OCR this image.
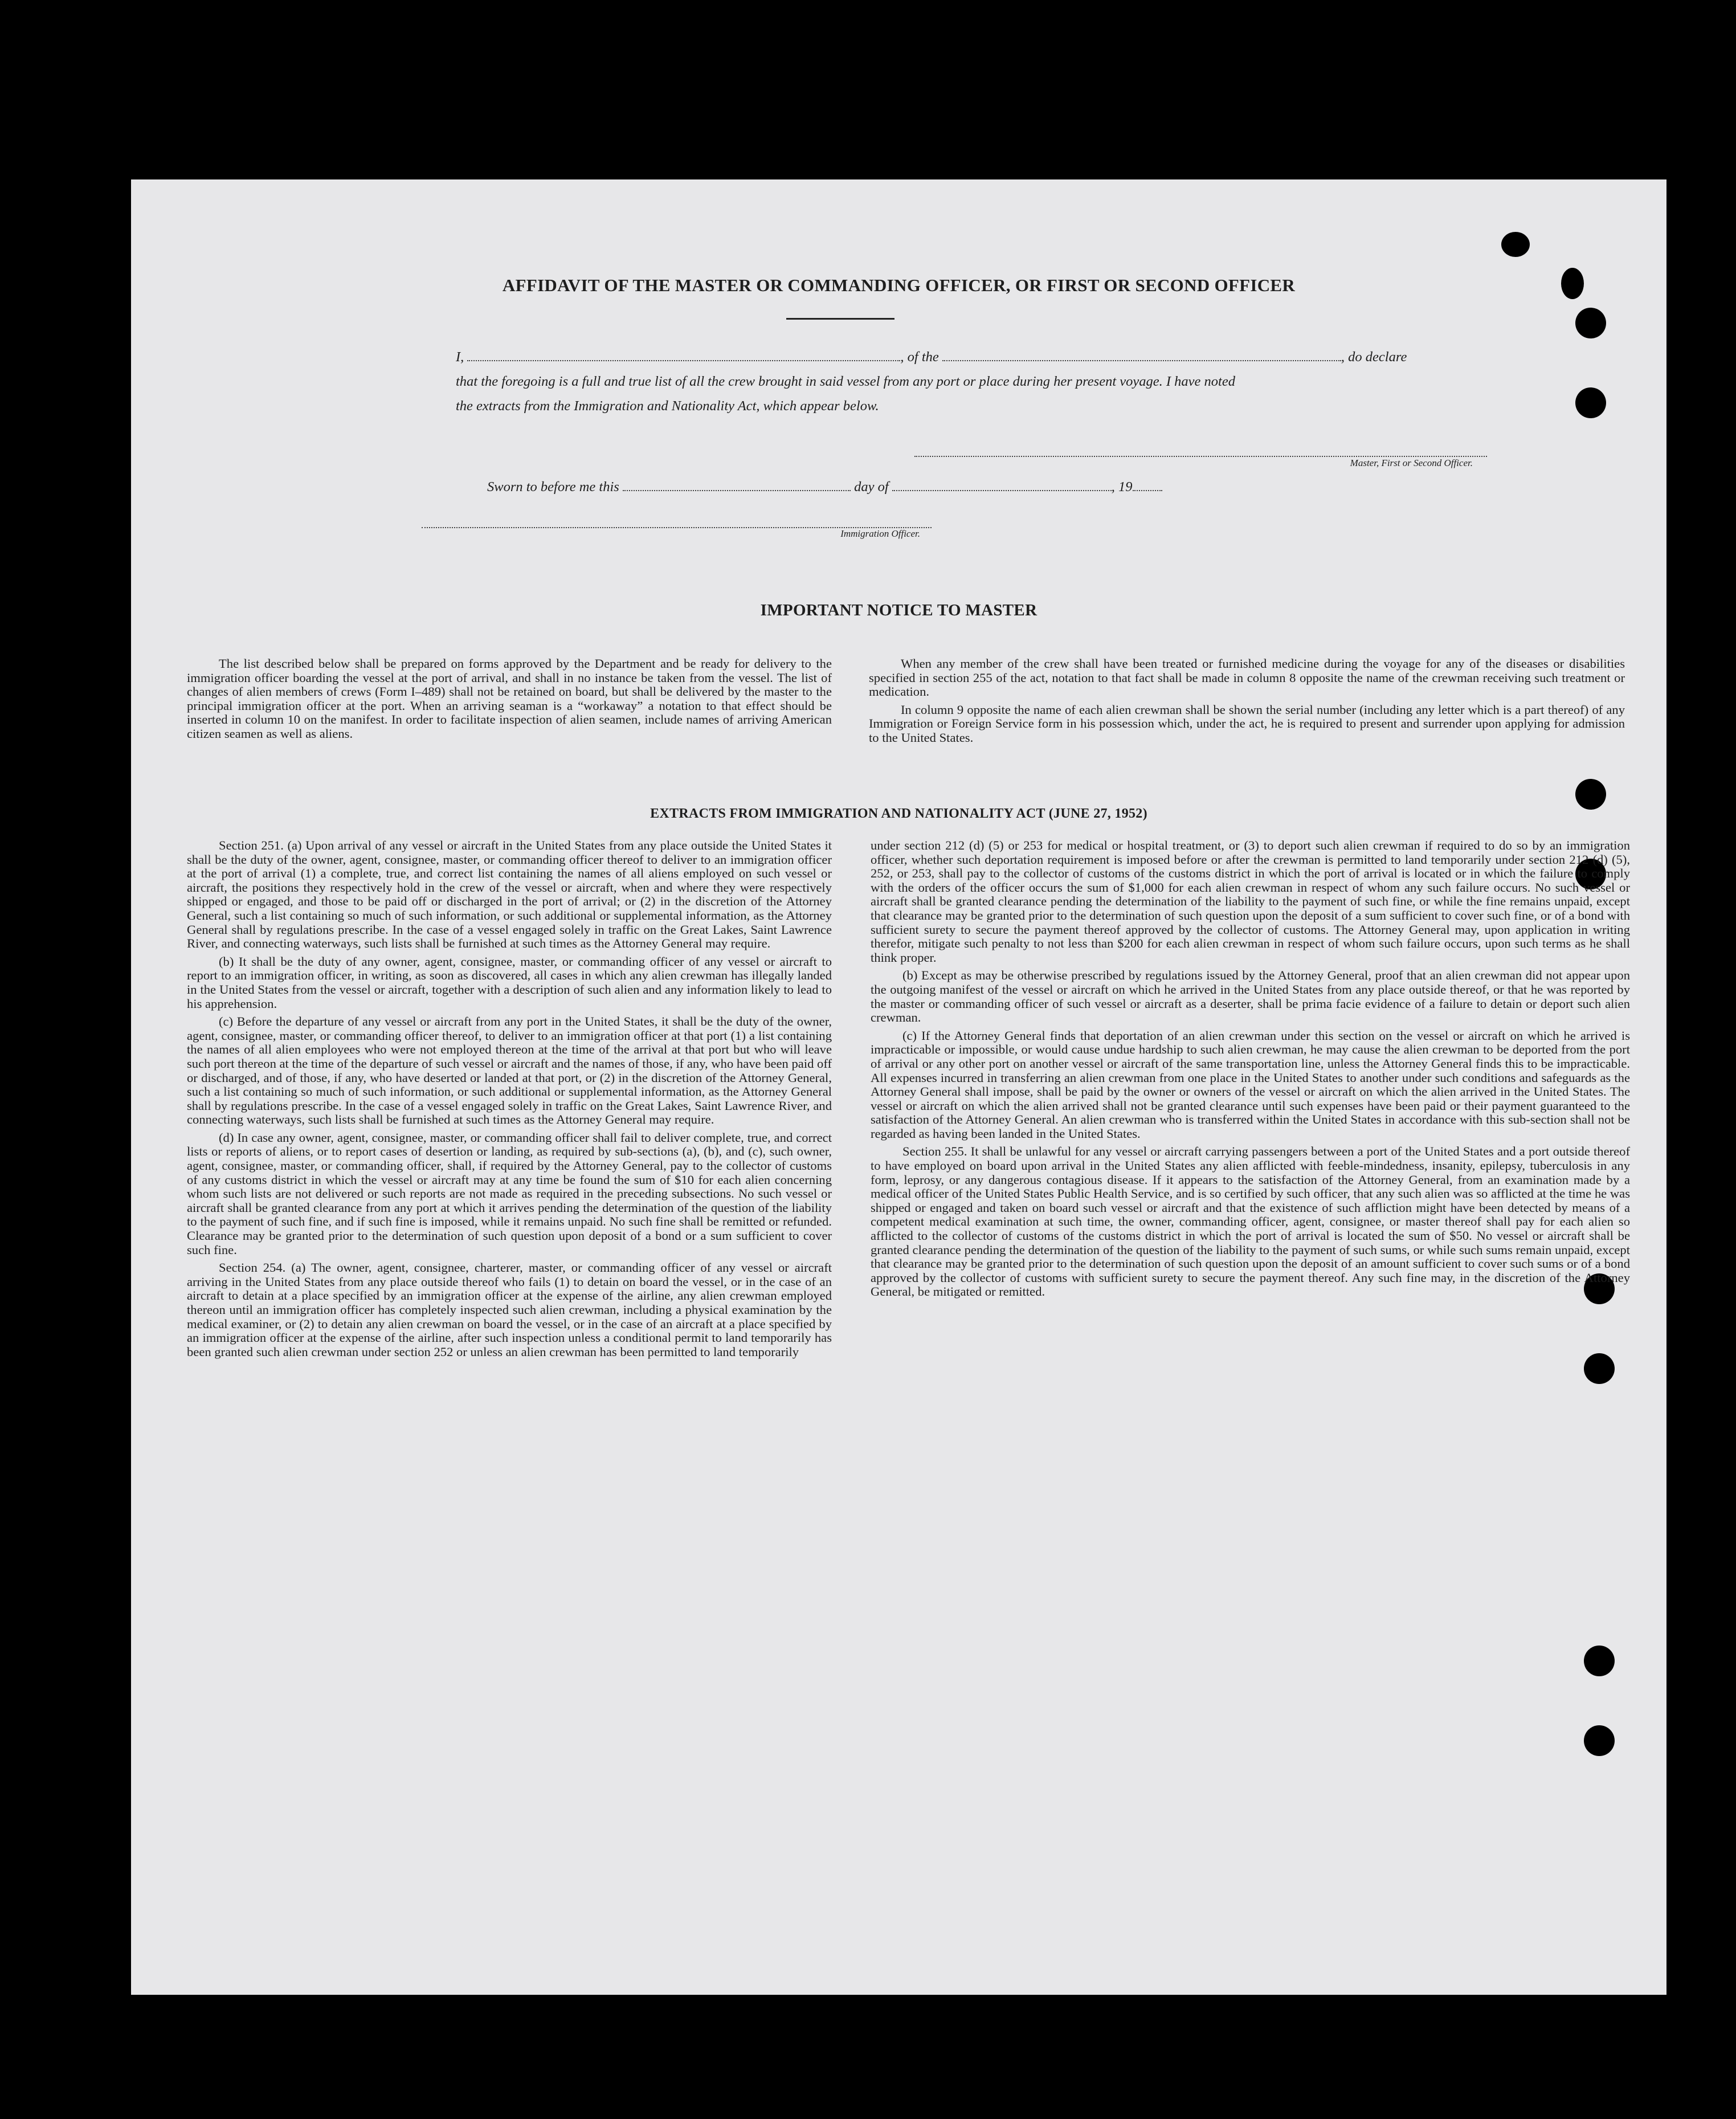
AFFIDAVIT OF THE MASTER OR COMMANDING OFFICER, OR FIRST OR SECOND OFFICER

I,	, of the	, do declare

that the foregoing is a full and true list of all the crew brought in said vessel from any port or place during her present voyage. I have noted

the extracts from the Immigration and Nationality Act, which appear below.

Master, First or Second Officer.

Sworn to before me this	day of	, 19

Immigration Officer.
IMPORTANT NOTICE TO MASTER

The list described below shall be prepared on forms approved by the Department and be ready for delivery to the immigration officer boarding the vessel at the port of arrival, and shall in no instance be taken from the vessel. The list of changes of alien members of crews (Form I–489) shall not be retained on board, but shall be delivered by the master to the principal immigration officer at the port. When an arriving seaman is a “workaway” a notation to that effect should be inserted in column 10 on the manifest. In order to facilitate inspection of alien seamen, include names of arriving American citizen seamen as well as aliens.

When any member of the crew shall have been treated or furnished medicine during the voyage for any of the diseases or disabilities specified in section 255 of the act, notation to that fact shall be made in column 8 opposite the name of the crewman receiving such treatment or medication.

In column 9 opposite the name of each alien crewman shall be shown the serial number (including any letter which is a part thereof) of any Immigration or Foreign Service form in his possession which, under the act, he is required to present and surrender upon applying for admission to the United States.

EXTRACTS FROM IMMIGRATION AND NATIONALITY ACT (JUNE 27, 1952)

Section 251. (a) Upon arrival of any vessel or aircraft in the United States from any place outside the United States it shall be the duty of the owner, agent, consignee, master, or commanding officer thereof to deliver to an immigration officer at the port of arrival (1) a complete, true, and correct list containing the names of all aliens employed on such vessel or aircraft, the positions they respectively hold in the crew of the vessel or aircraft, when and where they were respectively shipped or engaged, and those to be paid off or discharged in the port of arrival; or (2) in the discretion of the Attorney General, such a list containing so much of such information, or such additional or supplemental information, as the Attorney General shall by regulations prescribe. In the case of a vessel engaged solely in traffic on the Great Lakes, Saint Lawrence River, and connecting waterways, such lists shall be furnished at such times as the Attorney General may require.

(b) It shall be the duty of any owner, agent, consignee, master, or commanding officer of any vessel or aircraft to report to an immigration officer, in writing, as soon as discovered, all cases in which any alien crewman has illegally landed in the United States from the vessel or aircraft, together with a description of such alien and any information likely to lead to his apprehension.

(c) Before the departure of any vessel or aircraft from any port in the United States, it shall be the duty of the owner, agent, consignee, master, or commanding officer thereof, to deliver to an immigration officer at that port (1) a list containing the names of all alien employees who were not employed thereon at the time of the arrival at that port but who will leave such port thereon at the time of the departure of such vessel or aircraft and the names of those, if any, who have been paid off or discharged, and of those, if any, who have deserted or landed at that port, or (2) in the discretion of the Attorney General, such a list containing so much of such information, or such additional or supplemental information, as the Attorney General shall by regulations prescribe. In the case of a vessel engaged solely in traffic on the Great Lakes, Saint Lawrence River, and connecting waterways, such lists shall be furnished at such times as the Attorney General may require.

(d) In case any owner, agent, consignee, master, or commanding officer shall fail to deliver complete, true, and correct lists or reports of aliens, or to report cases of desertion or landing, as required by sub-sections (a), (b), and (c), such owner, agent, consignee, master, or commanding officer, shall, if required by the Attorney General, pay to the collector of customs of any customs district in which the vessel or aircraft may at any time be found the sum of $10 for each alien concerning whom such lists are not delivered or such reports are not made as required in the preceding subsections. No such vessel or aircraft shall be granted clearance from any port at which it arrives pending the determination of the question of the liability to the payment of such fine, and if such fine is imposed, while it remains unpaid. No such fine shall be remitted or refunded. Clearance may be granted prior to the determination of such question upon deposit of a bond or a sum sufficient to cover such fine.

Section 254. (a) The owner, agent, consignee, charterer, master, or commanding officer of any vessel or aircraft arriving in the United States from any place outside thereof who fails (1) to detain on board the vessel, or in the case of an aircraft to detain at a place specified by an immigration officer at the expense of the airline, any alien crewman employed thereon until an immigration officer has completely inspected such alien crewman, including a physical examination by the medical examiner, or (2) to detain any alien crewman on board the vessel, or in the case of an aircraft at a place specified by an immigration officer at the expense of the airline, after such inspection unless a conditional permit to land temporarily has been granted such alien crewman under section 252 or unless an alien crewman has been permitted to land temporarily

under section 212 (d) (5) or 253 for medical or hospital treatment, or (3) to deport such alien crewman if required to do so by an immigration officer, whether such deportation requirement is imposed before or after the crewman is permitted to land temporarily under section 212 (d) (5), 252, or 253, shall pay to the collector of customs of the customs district in which the port of arrival is located or in which the failure to comply with the orders of the officer occurs the sum of $1,000 for each alien crewman in respect of whom any such failure occurs. No such vessel or aircraft shall be granted clearance pending the determination of the liability to the payment of such fine, or while the fine remains unpaid, except that clearance may be granted prior to the determination of such question upon the deposit of a sum sufficient to cover such fine, or of a bond with sufficient surety to secure the payment thereof approved by the collector of customs. The Attorney General may, upon application in writing therefor, mitigate such penalty to not less than $200 for each alien crewman in respect of whom such failure occurs, upon such terms as he shall think proper.

(b) Except as may be otherwise prescribed by regulations issued by the Attorney General, proof that an alien crewman did not appear upon the outgoing manifest of the vessel or aircraft on which he arrived in the United States from any place outside thereof, or that he was reported by the master or commanding officer of such vessel or aircraft as a deserter, shall be prima facie evidence of a failure to detain or deport such alien crewman.

(c) If the Attorney General finds that deportation of an alien crewman under this section on the vessel or aircraft on which he arrived is impracticable or impossible, or would cause undue hardship to such alien crewman, he may cause the alien crewman to be deported from the port of arrival or any other port on another vessel or aircraft of the same transportation line, unless the Attorney General finds this to be impracticable. All expenses incurred in transferring an alien crewman from one place in the United States to another under such conditions and safeguards as the Attorney General shall impose, shall be paid by the owner or owners of the vessel or aircraft on which the alien arrived in the United States. The vessel or aircraft on which the alien arrived shall not be granted clearance until such expenses have been paid or their payment guaranteed to the satisfaction of the Attorney General. An alien crewman who is transferred within the United States in accordance with this sub-section shall not be regarded as having been landed in the United States.

Section 255. It shall be unlawful for any vessel or aircraft carrying passengers between a port of the United States and a port outside thereof to have employed on board upon arrival in the United States any alien afflicted with feeble-mindedness, insanity, epilepsy, tuberculosis in any form, leprosy, or any dangerous contagious disease. If it appears to the satisfaction of the Attorney General, from an examination made by a medical officer of the United States Public Health Service, and is so certified by such officer, that any such alien was so afflicted at the time he was shipped or engaged and taken on board such vessel or aircraft and that the existence of such affliction might have been detected by means of a competent medical examination at such time, the owner, commanding officer, agent, consignee, or master thereof shall pay for each alien so afflicted to the collector of customs of the customs district in which the port of arrival is located the sum of $50. No vessel or aircraft shall be granted clearance pending the determination of the question of the liability to the payment of such sums, or while such sums remain unpaid, except that clearance may be granted prior to the determination of such question upon the deposit of an amount sufficient to cover such sums or of a bond approved by the collector of customs with sufficient surety to secure the payment thereof. Any such fine may, in the discretion of the Attorney General, be mitigated or remitted.
